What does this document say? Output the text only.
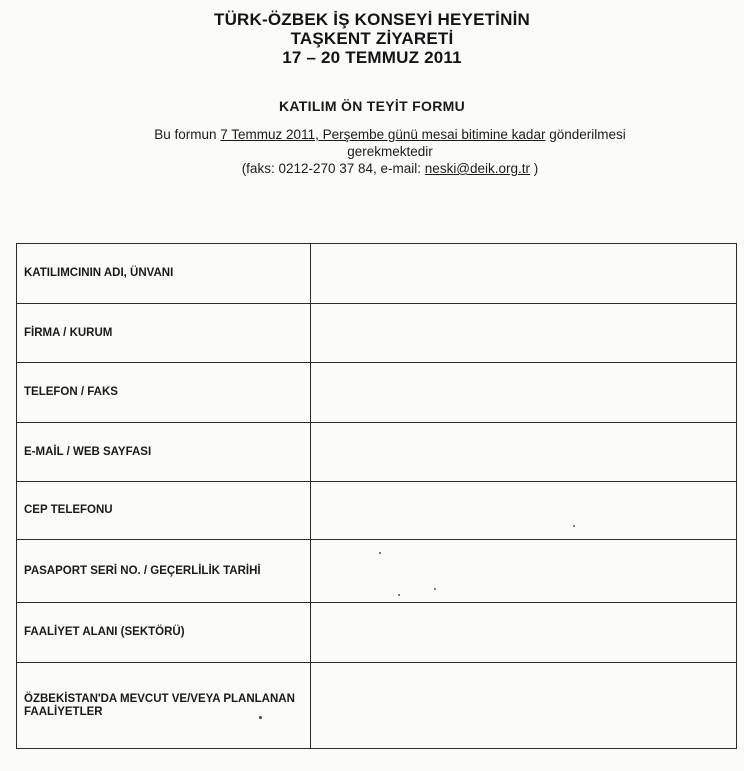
TÜRK-ÖZBEK İŞ KONSEYİ HEYETİNİN
TAŞKENT ZİYARETİ
17 – 20 TEMMUZ 2011
KATILIM ÖN TEYİT FORMU
Bu formun 7 Temmuz 2011, Perşembe günü mesai bitimine kadar gönderilmesi
gerekmektedir
(faks: 0212-270 37 84, e-mail: neski@deik.org.tr )
KATILIMCININ ADI, ÜNVANI	
FİRMA / KURUM	
TELEFON / FAKS	
E-MAİL / WEB SAYFASI	
CEP TELEFONU	
PASAPORT SERİ NO. / GEÇERLİLİK TARİHİ	
FAALİYET ALANI (SEKTÖRÜ)	
ÖZBEKİSTAN'DA MEVCUT VE/VEYA PLANLANAN FAALİYETLER	
